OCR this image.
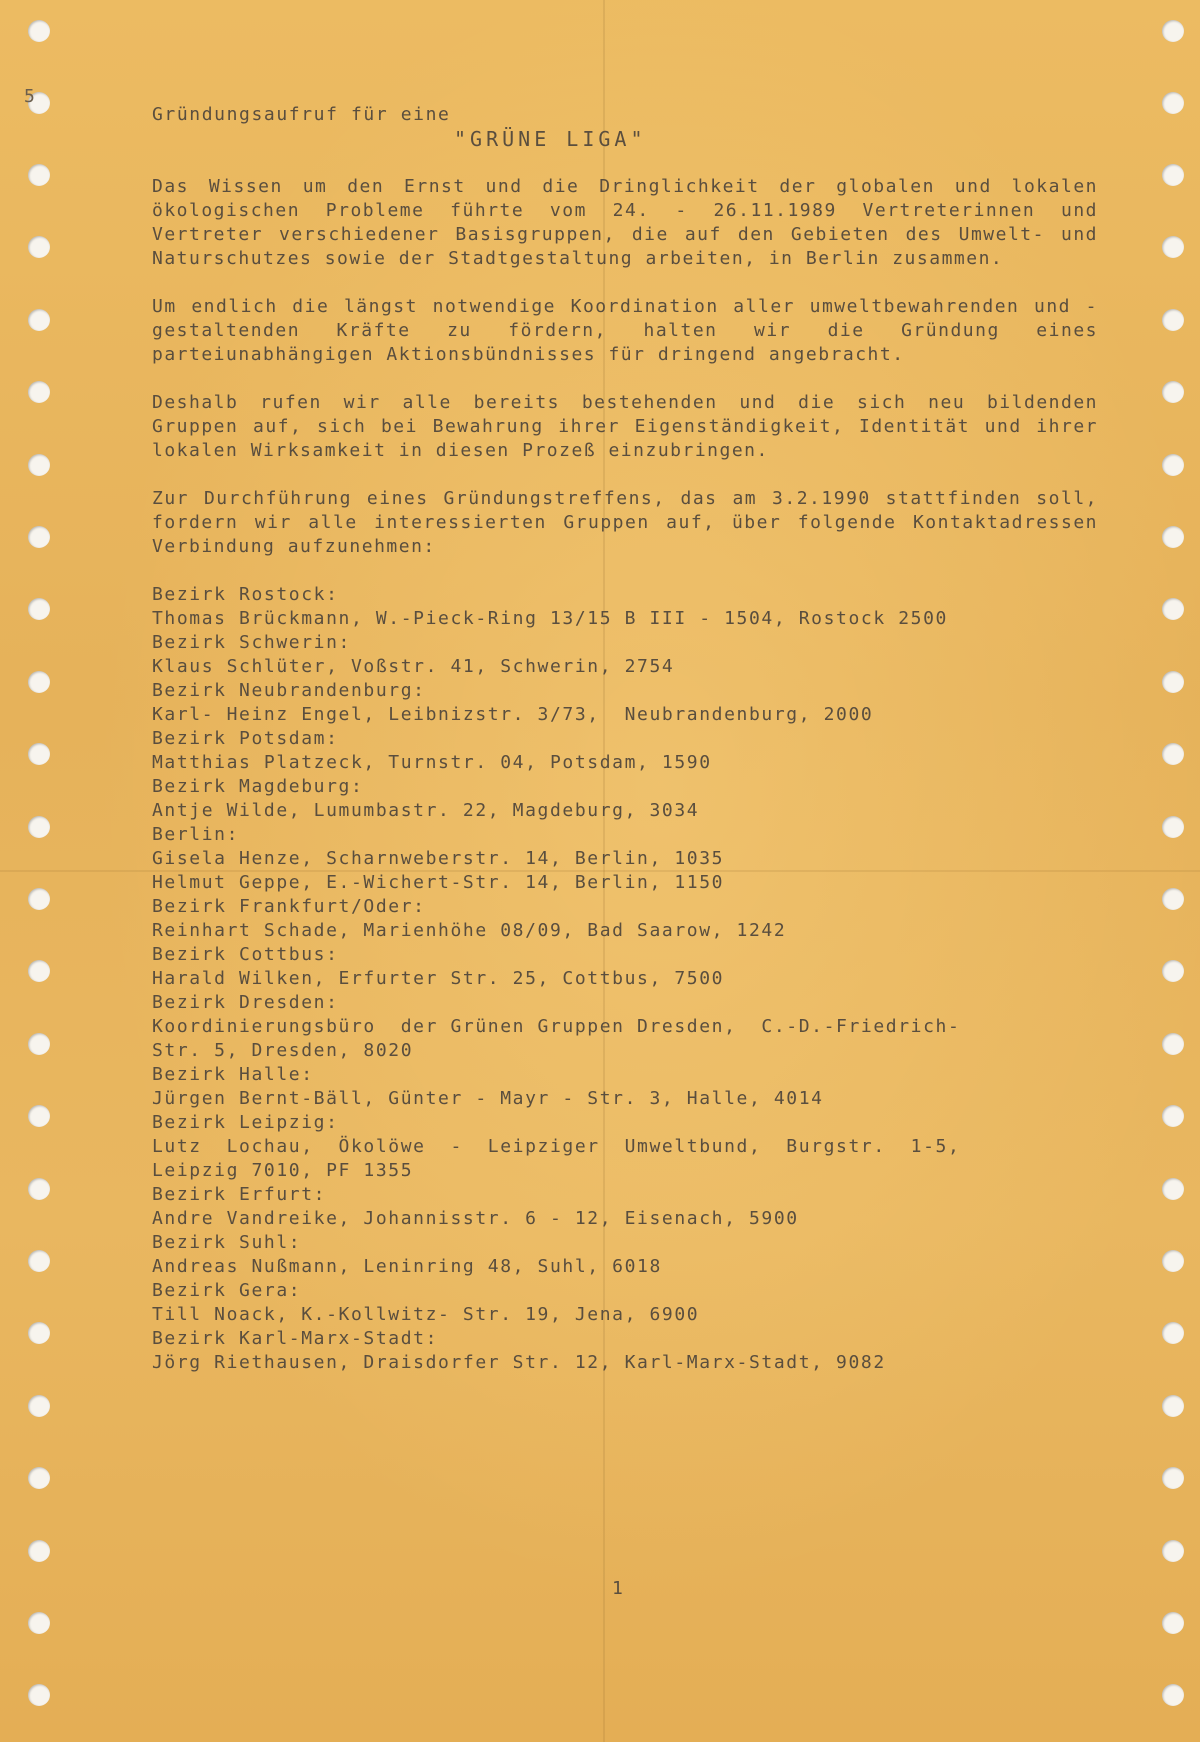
5

Gründungsaufruf für eine

"GRÜNE LIGA"

Das Wissen um den Ernst und die Dringlichkeit der globalen und lokalen ökologischen Probleme führte vom 24. - 26.11.1989 Vertreterinnen und Vertreter verschiedener Basisgruppen, die auf den Gebieten des Umwelt- und Naturschutzes sowie der Stadtgestaltung arbeiten, in Berlin zusammen.

Um endlich die längst notwendige Koordination aller umweltbewahrenden und -gestaltenden Kräfte zu fördern, halten wir die Gründung eines parteiunabhängigen Aktionsbündnisses für dringend angebracht.

Deshalb rufen wir alle bereits bestehenden und die sich neu bildenden Gruppen auf, sich bei Bewahrung ihrer Eigenständigkeit, Identität und ihrer lokalen Wirksamkeit in diesen Prozeß einzubringen.

Zur Durchführung eines Gründungstreffens, das am 3.2.1990 stattfinden soll, fordern wir alle interessierten Gruppen auf, über folgende Kontaktadressen Verbindung aufzunehmen:

Bezirk Rostock:

Thomas Brückmann, W.-Pieck-Ring 13/15 B III - 1504, Rostock 2500

Bezirk Schwerin:

Klaus Schlüter, Voßstr. 41, Schwerin, 2754

Bezirk Neubrandenburg:

Karl- Heinz Engel, Leibnizstr. 3/73,  Neubrandenburg, 2000

Bezirk Potsdam:

Matthias Platzeck, Turnstr. 04, Potsdam, 1590

Bezirk Magdeburg:

Antje Wilde, Lumumbastr. 22, Magdeburg, 3034

Berlin:

Gisela Henze, Scharnweberstr. 14, Berlin, 1035

Helmut Geppe, E.-Wichert-Str. 14, Berlin, 1150

Bezirk Frankfurt/Oder:

Reinhart Schade, Marienhöhe 08/09, Bad Saarow, 1242

Bezirk Cottbus:

Harald Wilken, Erfurter Str. 25, Cottbus, 7500

Bezirk Dresden:

Koordinierungsbüro  der Grünen Gruppen Dresden,  C.-D.-Friedrich-

Str. 5, Dresden, 8020

Bezirk Halle:

Jürgen Bernt-Bäll, Günter - Mayr - Str. 3, Halle, 4014

Bezirk Leipzig:

Lutz  Lochau,  Ökolöwe  -  Leipziger  Umweltbund,  Burgstr.  1-5,

Leipzig 7010, PF 1355

Bezirk Erfurt:

Andre Vandreike, Johannisstr. 6 - 12, Eisenach, 5900

Bezirk Suhl:

Andreas Nußmann, Leninring 48, Suhl, 6018

Bezirk Gera:

Till Noack, K.-Kollwitz- Str. 19, Jena, 6900

Bezirk Karl-Marx-Stadt:

Jörg Riethausen, Draisdorfer Str. 12, Karl-Marx-Stadt, 9082

1
